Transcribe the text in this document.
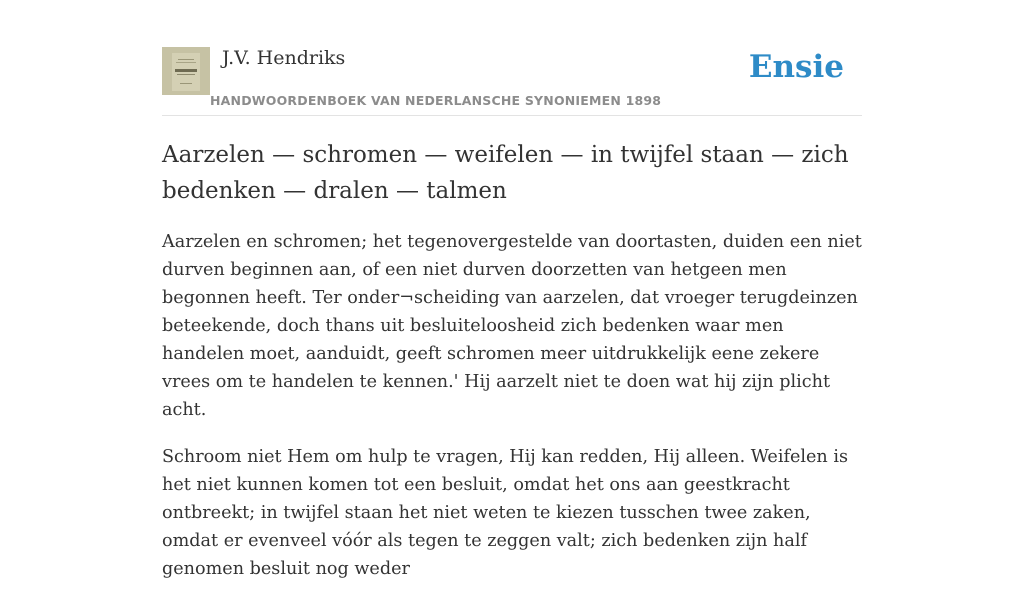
J.V. Hendriks
HANDWOORDENBOEK VAN NEDERLANSCHE SYNONIEMEN 1898
Ensie
Aarzelen — schromen — weifelen — in twijfel staan — zich bedenken — dralen — talmen

Aarzelen en schromen; het tegenovergestelde van doortasten, duiden een niet durven beginnen aan, of een niet durven doorzetten van hetgeen men begonnen heeft. Ter onder¬scheiding van aarzelen, dat vroeger terugdeinzen beteekende, doch thans uit besluiteloosheid zich bedenken waar men handelen moet, aanduidt, geeft schromen meer uitdrukkelijk eene zekere vrees om te handelen te kennen.' Hij aarzelt niet te doen wat hij zijn plicht acht.

Schroom niet Hem om hulp te vragen, Hij kan redden, Hij alleen. Weifelen is het niet kunnen komen tot een besluit, omdat het ons aan geestkracht ontbreekt; in twijfel staan het niet weten te kiezen tusschen twee zaken, omdat er evenveel vóór als tegen te zeggen valt; zich bedenken zijn half genomen besluit nog weder
